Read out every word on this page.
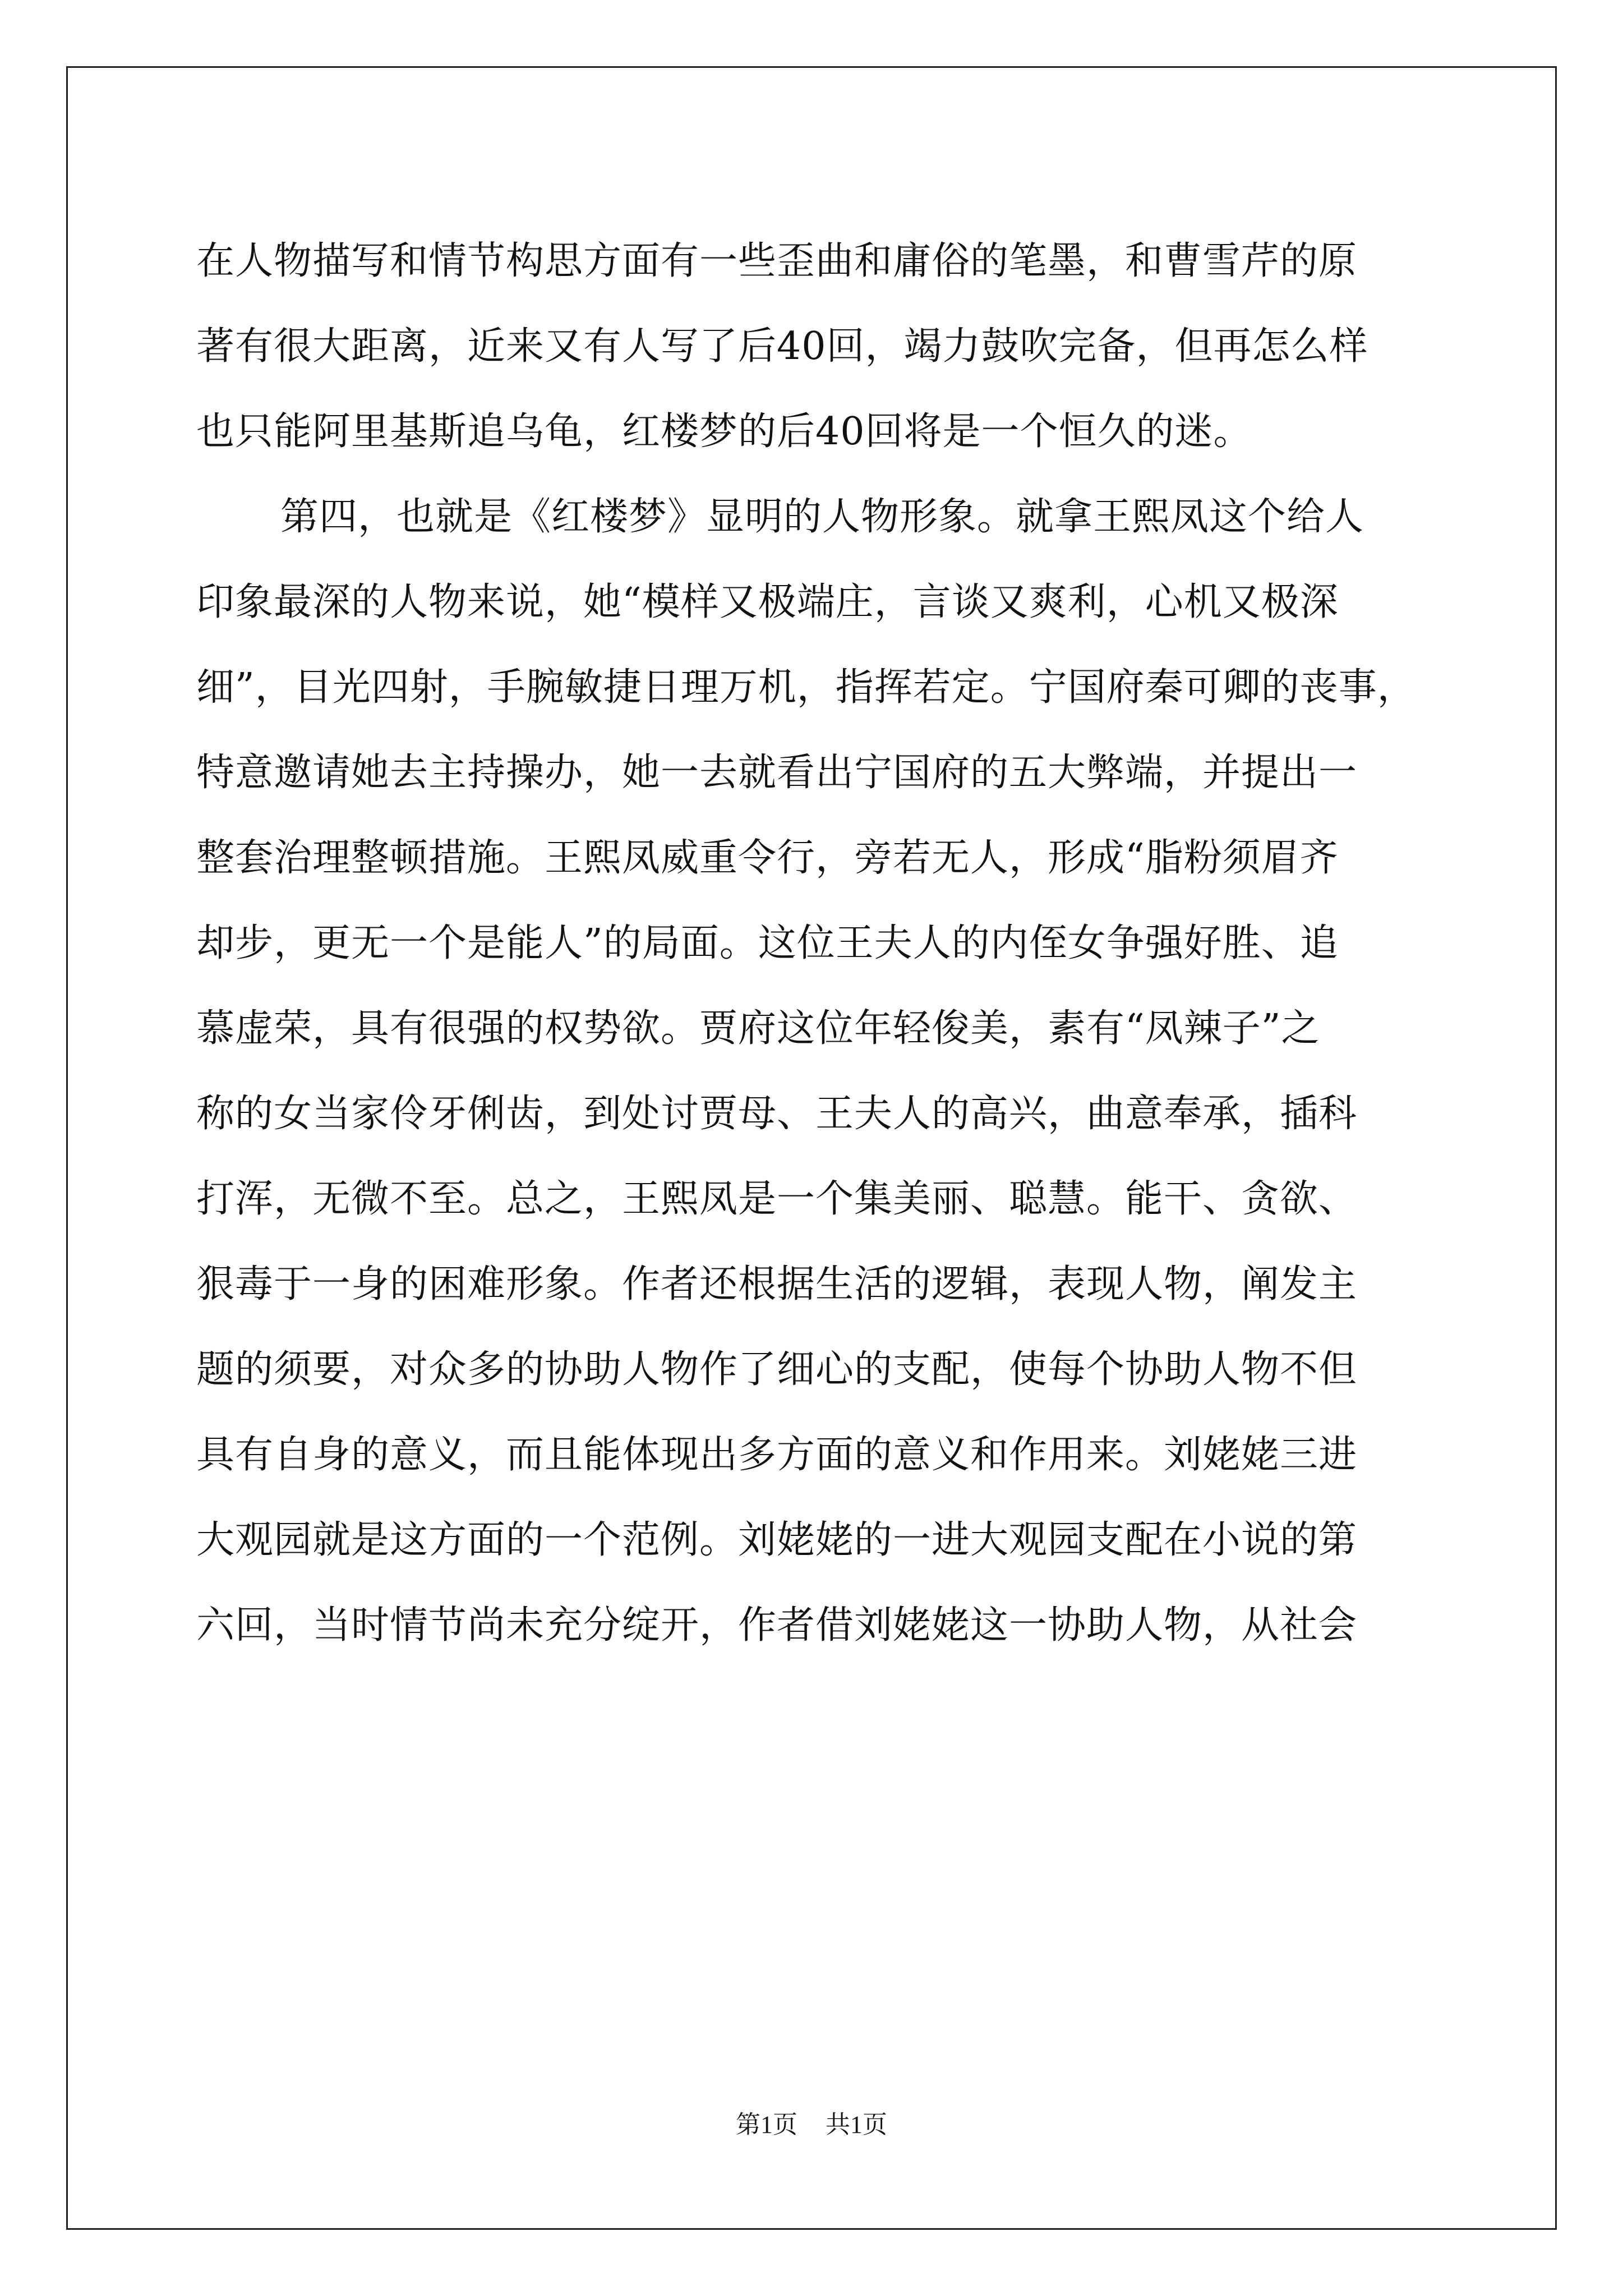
在人物描写和情节构思方面有一些歪曲和庸俗的笔墨，和曹雪芹的原
著有很大距离，近来又有人写了后40回，竭力鼓吹完备，但再怎么样
也只能阿里基斯追乌龟，红楼梦的后40回将是一个恒久的迷。
第四，也就是《红楼梦》显明的人物形象。就拿王熙凤这个给人
印象最深的人物来说，她“模样又极端庄，言谈又爽利，心机又极深
细”，目光四射，手腕敏捷日理万机，指挥若定。宁国府秦可卿的丧事，
特意邀请她去主持操办，她一去就看出宁国府的五大弊端，并提出一
整套治理整顿措施。王熙凤威重令行，旁若无人，形成“脂粉须眉齐
却步，更无一个是能人”的局面。这位王夫人的内侄女争强好胜、追
慕虚荣，具有很强的权势欲。贾府这位年轻俊美，素有“凤辣子”之
称的女当家伶牙俐齿，到处讨贾母、王夫人的高兴，曲意奉承，插科
打浑，无微不至。总之，王熙凤是一个集美丽、聪慧。能干、贪欲、
狠毒于一身的困难形象。作者还根据生活的逻辑，表现人物，阐发主
题的须要，对众多的协助人物作了细心的支配，使每个协助人物不但
具有自身的意义，而且能体现出多方面的意义和作用来。刘姥姥三进
大观园就是这方面的一个范例。刘姥姥的一进大观园支配在小说的第
六回，当时情节尚未充分绽开，作者借刘姥姥这一协助人物，从社会
第1页 共1页
